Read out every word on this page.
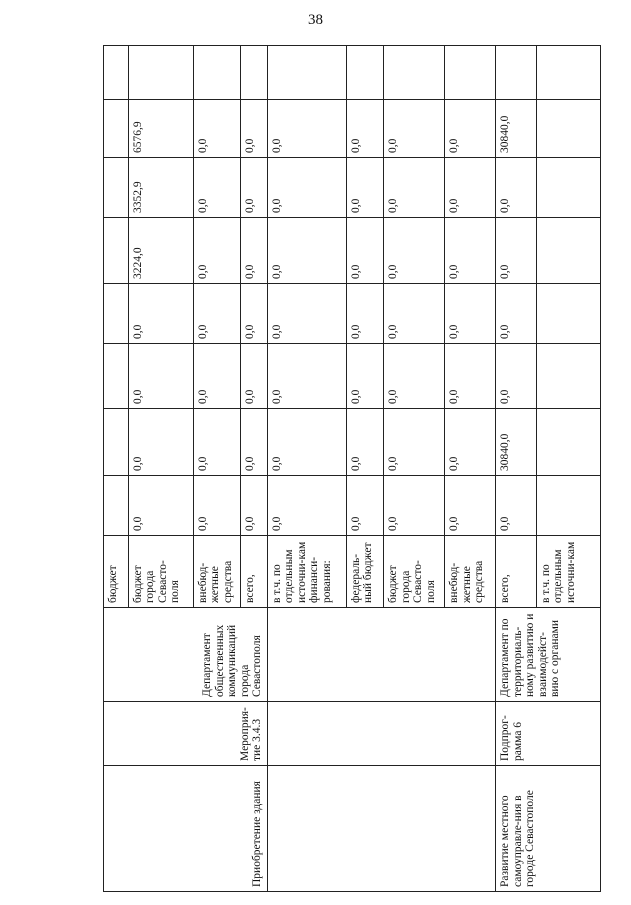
38
Приобретение здания	Мероприя-тие 3.4.3	Департамент общественных коммуникаций города Севастополя	бюджет								
			бюджет города Севасто-поля	0,0	0,0	0,0	0,0	3224,0	3352,9	6576,9	
			внебюд-жетные средства	0,0	0,0	0,0	0,0	0,0	0,0	0,0	
			всего,	0,0	0,0	0,0	0,0	0,0	0,0	0,0	
			в т.ч. по отдельным источни-кам финанси-рования:	0,0	0,0	0,0	0,0	0,0	0,0	0,0	
			федераль-ный бюджет	0,0	0,0	0,0	0,0	0,0	0,0	0,0	
			бюджет города Севасто-поля	0,0	0,0	0,0	0,0	0,0	0,0	0,0	
			внебюд-жетные средства	0,0	0,0	0,0	0,0	0,0	0,0	0,0	
Развитие местного самоуправле-ния в городе Севастополе	Подпрог-рамма 6	Департамент по территориаль-ному развитию и взаимодейст-вию с органами	всего,	0,0	30840,0	0,0	0,0	0,0	0,0	30840,0	
			в т.ч. по отдельным источни-кам								
